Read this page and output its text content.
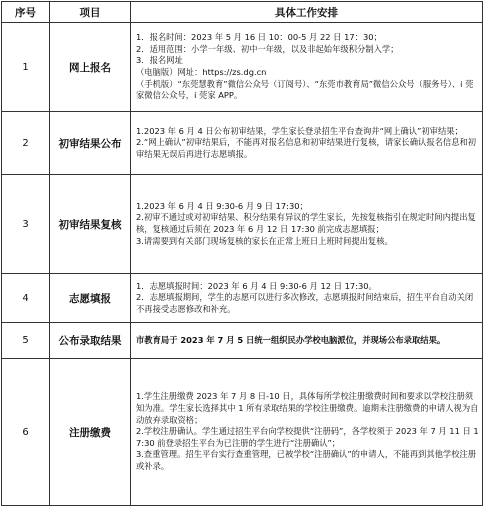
序号	项目	具体工作安排
1	网上报名	1．报名时间：2023 年 5 月 16 日 10：00-5 月 22 日 17：30；
2．适用范围：小学一年级、初中一年级，以及非起始年级积分制入学；
3．报名网址
（电脑版）网址：https://zs.dg.cn
（手机版）“东莞慧教育”微信公众号（订阅号）、“东莞市教育局”微信公众号（服务号）、i 莞家微信公众号，i 莞家 APP。

2	初审结果公布	1.2023 年 6 月 4 日公布初审结果，学生家长登录招生平台查询并“网上确认”初审结果；
2.“网上确认”初审结果后，不能再对报名信息和初审结果进行复核，请家长确认报名信息和初审结果无误后再进行志愿填报。

3	初审结果复核	1.2023 年 6 月 4 日 9:30-6 月 9 日 17:30；
2.初审不通过或对初审结果、积分结果有异议的学生家长，先按复核指引在规定时间内提出复核，复核通过后须在 2023 年 6 月 12 日 17:30 前完成志愿填报；
3.请需要到有关部门现场复核的家长在正常上班日上班时间提出复核。

4	志愿填报	1．志愿填报时间：2023 年 6 月 4 日 9:30-6 月 12 日 17:30。
2．志愿填报期间，学生的志愿可以进行多次修改，志愿填报时间结束后，招生平台自动关闭不再接受志愿修改和补充。

5	公布录取结果	市教育局于 2023 年 7 月 5 日统一组织民办学校电脑派位，并现场公布录取结果。

6	注册缴费	1.学生注册缴费 2023 年 7 月 8 日-10 日，具体每所学校注册缴费时间和要求以学校注册须知为准。学生家长选择其中 1 所有录取结果的学校注册缴费。逾期未注册缴费的申请人视为自动放弃录取资格；
2.学校注册确认。学生通过招生平台向学校提供“注册码”，各学校须于 2023 年 7 月 11 日 17:30 前登录招生平台为已注册的学生进行“注册确认”；
3.查重管理。招生平台实行查重管理，已被学校“注册确认”的申请人，不能再到其他学校注册或补录。
